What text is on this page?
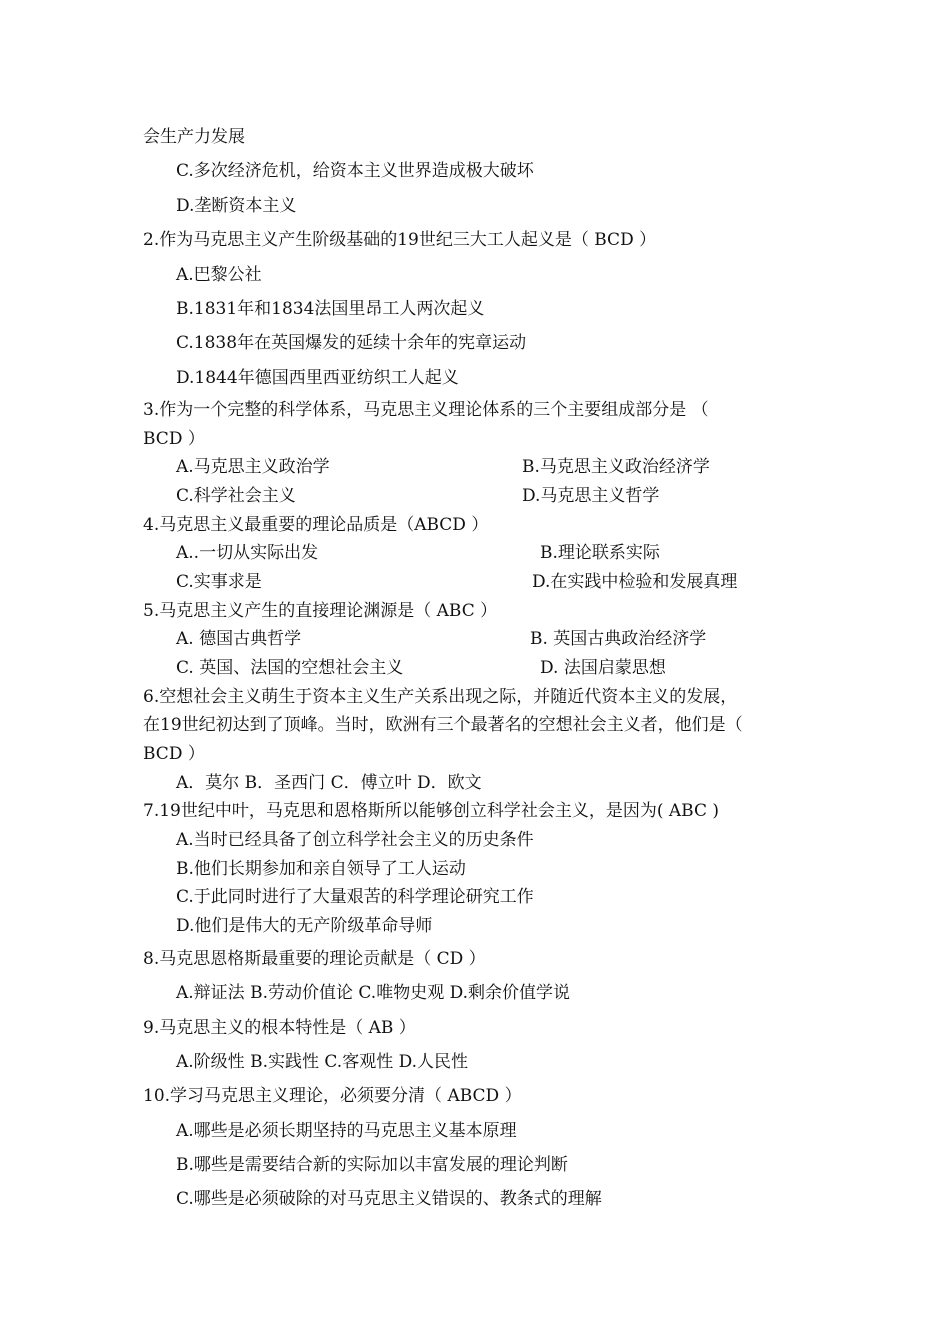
会生产力发展
C.多次经济危机，给资本主义世界造成极大破坏
D.垄断资本主义
2.作为马克思主义产生阶级基础的19世纪三大工人起义是（ BCD ）
A.巴黎公社
B.1831年和1834法国里昂工人两次起义
C.1838年在英国爆发的延续十余年的宪章运动
D.1844年德国西里西亚纺织工人起义
3.作为一个完整的科学体系，马克思主义理论体系的三个主要组成部分是 （
BCD ）
A.马克思主义政治学	B.马克思主义政治经济学
C.科学社会主义	D.马克思主义哲学
4.马克思主义最重要的理论品质是（ABCD ）
A..一切从实际出发	B.理论联系实际
C.实事求是	D.在实践中检验和发展真理
5.马克思主义产生的直接理论渊源是（ ABC ）
A. 德国古典哲学	B. 英国古典政治经济学
C. 英国、法国的空想社会主义	D. 法国启蒙思想
6.空想社会主义萌生于资本主义生产关系出现之际，并随近代资本主义的发展，
在19世纪初达到了顶峰。当时，欧洲有三个最著名的空想社会主义者，他们是（
BCD ）
A．莫尔 B．圣西门 C．傅立叶 D．欧文
7.19世纪中叶，马克思和恩格斯所以能够创立科学社会主义，是因为( ABC )
A.当时已经具备了创立科学社会主义的历史条件
B.他们长期参加和亲自领导了工人运动
C.于此同时进行了大量艰苦的科学理论研究工作
D.他们是伟大的无产阶级革命导师
8.马克思恩格斯最重要的理论贡献是（ CD ）
A.辩证法 B.劳动价值论 C.唯物史观 D.剩余价值学说
9.马克思主义的根本特性是（ AB ）
A.阶级性 B.实践性 C.客观性 D.人民性
10.学习马克思主义理论，必须要分清（ ABCD ）
A.哪些是必须长期坚持的马克思主义基本原理
B.哪些是需要结合新的实际加以丰富发展的理论判断
C.哪些是必须破除的对马克思主义错误的、教条式的理解
